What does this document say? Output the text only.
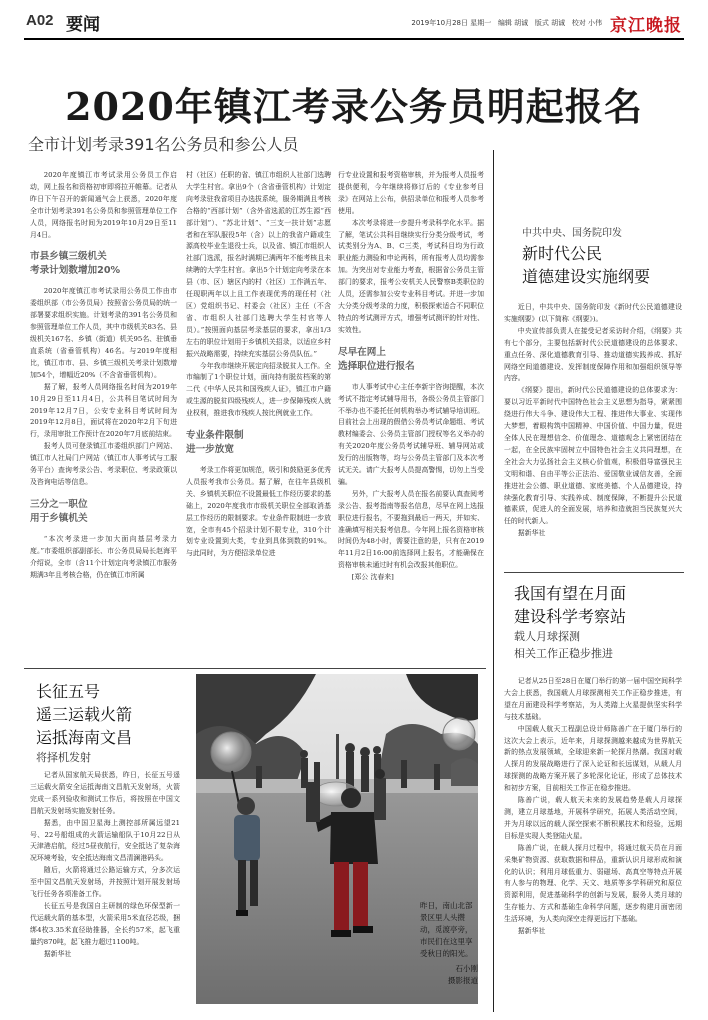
A02 要闻	2019年10月28日 星期一 编辑 胡诚 版式 胡诚 校对 小伟 京江晚报
2020年镇江考录公务员明起报名
全市计划考录391名公务员和参公人员

2020年度镇江市考试录用公务员工作启动，网上报名和资格初审即将拉开帷幕。记者从昨日下午召开的新闻通气会上获悉，2020年度全市计划考录391名公务员和参照管理单位工作人员，网络报名时间为2019年10月29日至11月4日。

市县乡镇三级机关
考录计划数增加20%

2020年度镇江市考试录用公务员工作由市委组织部（市公务员局）按照省公务员局的统一部署要求组织实施。计划考录的391名公务员和参照管理单位工作人员，其中市级机关83名、县级机关167名、乡镇（街道）机关95名、驻镇垂直系统（省垂管机构）46名。与2019年度相比，镇江市市、县、乡镇三级机关考录计划数增加54个，增幅近20%（不含省垂管机构）。

据了解，报考人员网络报名时间为2019年10月29日至11月4日，公共科目笔试时间为2019年12月7日，公安专业科目考试时间为2019年12月8日，面试将在2020年2月下旬进行，录用审批工作预计在2020年7月底前结束。

报考人员可登录镇江市委组织部门户网站、镇江市人社局门户网站（镇江市人事考试与工服务平台）查询考录公告、考录职位、考录政策以及咨询电话等信息。

三分之一职位
用于乡镇机关

“本次考录进一步加大面向基层考录力度。”市委组织部副部长、市公务员局局长赵海平介绍说，全市（含11个计划定向考录镇江市服务期满3年且考核合格，仍在镇江市所属

村（社区）任职的省、镇江市组织人社部门选聘大学生村官。拿出9个（含省垂管机构）计划定向考录驻我省项目办选拔系统，服务期满且考核合格的“西部计划”（含外省选派的江苏生源“西部计划”）、“苏北计划”、“三支一扶计划”志愿者和在军队服役5年（含）以上的我省户籍或生源高校毕业生退役士兵，以及省、镇江市组织人社部门选派，报名时满期已满两年不能考核且未续聘的大学生村官。拿出5个计划定向考录在本县（市、区）辖区内的村（社区）工作满五年、任现职两年以上且工作表现优秀的现任村（社区）党组织书记、村委会（社区）主任（不含省、市组织人社部门选聘大学生村官等人员）。”按照面向基层考录基层的要求，拿出1/3左右的职位计划用于乡镇机关招录，以适应乡村振兴战略需要，持续充实基层公务员队伍。”

今年我市继续开展定向招录脱贫人工作。全市编制了1个职位计划，面向持有脱贫档案的第二代《中华人民共和国残疾人证》，镇江市户籍或生源的脱贫四级残疾人，进一步保障残疾人就业权利，推进我市残疾人按比例就业工作。

专业条件限制
进一步放宽

考录工作将更加规范，吸引和鼓励更多优秀人员报考我市公务员。据了解，在往年县级机关、乡镇机关职位不设置最低工作经历要求的基础上，2020年度我市市级机关职位全部取消基层工作经历的限制要求。专业条件限制进一步放宽，全市有45个招录计划不限专业，310个计划专业设置到大类，专业到具体到数的91%。与此同时，为方便招录单位进

行专业设置和报考资格审核，并为报考人员报考提供便利，今年继续将修订后的《专业参考目录》在网站上公布，供招录单位和报考人员参考使用。

本次考录将进一步提升考录科学化水平。据了解，笔试公共科目继续实行分类分级考试，考试类别分为A、B、C三类，考试科目均为行政职业能力测验和申论两科，所有报考人员均需参加。为突出对专业能力考查，根据省公务员主管部门的要求，报考公安机关人民警察B类职位的人员，还需参加公安专业科目考试。并进一步加大分类分级考录的力度，积极探索适合不同职位特点的考试测评方式，增强考试测评的针对性、实效性。

尽早在网上
选择职位进行报名

市人事考试中心主任李新宇咨询提醒，本次考试不指定考试辅导用书，各级公务员主管部门不举办也不委托任何机构举办考试辅导培训班。目前社会上出现的假借公务员考试命题组、考试教材编委会、公务员主管部门授权等名义举办的有关2020年度公务员考试辅导班、辅导网站或发行的出版物等，均与公务员主管部门及本次考试无关。请广大报考人员提高警惕，切勿上当受骗。

另外，广大报考人员在报名前要认真查阅考录公告、报考指南等报名信息，尽早在网上选报职位进行报名，不要拖到最后一两天，并如实、准确填写相关报考信息。今年网上报名资格审核时间仍为48小时，需要注意的是，只有在2019年11月2日16:00前选择网上报名，才能确保在资格审核未通过时有机会改报其他职位。

[郑公 沈春来]

中共中央、国务院印发
新时代公民
道德建设实施纲要

近日，中共中央、国务院印发《新时代公民道德建设实施纲要》(以下简称《纲要》)。

中央宣传部负责人在接受记者采访时介绍，《纲要》共有七个部分，主要包括新时代公民道德建设的总体要求、重点任务、深化道德教育引导、推动道德实践养成、抓好网络空间道德建设、发挥制度保障作用和加强组织领导等内容。

《纲要》提出，新时代公民道德建设的总体要求为：要以习近平新时代中国特色社会主义思想为指导，紧紧围绕进行伟大斗争、建设伟大工程、推进伟大事业、实现伟大梦想，着眼构筑中国精神、中国价值、中国力量，促进全体人民在理想信念、价值理念、道德观念上紧密团结在一起，在全民族牢固树立中国特色社会主义共同理想，在全社会大力弘扬社会主义核心价值观，积极倡导富强民主文明和谐、自由平等公正法治、爱国敬业诚信友善，全面推进社会公德、职业道德、家庭美德、个人品德建设，持续强化教育引导、实践养成、制度保障，不断提升公民道德素质，促进人的全面发展，培养和造就担当民族复兴大任的时代新人。

据新华社

我国有望在月面
建设科学考察站
载人月球探测
相关工作正稳步推进

记者从25日至28日在厦门举行的第一届中国空间科学大会上获悉，我国载人月球探测相关工作正稳步推进，有望在月面建设科学考察站，为人类踏上火星提供坚实科学与技术基础。

中国载人航天工程副总设计师陈善广在于厦门举行的这次大会上表示，近年来，月球探测越来越成为世界航天新的热点发展领域，全球迎来新一轮探月热潮。我国对载人探月的发展战略进行了深入论证和长远谋划，从载人月球探测的战略方案开展了多轮深化论证，形成了总体技术和初步方案，目前相关工作正在稳步推进。

陈善广说，载人航天未来的发展趋势是载人月球探测，建立月球基地，开展科学研究，拓展人类活动空间，并为月球以远的载人深空探索不断积累技术和经验，远期目标是实现人类登陆火星。

陈善广说，在载人探月过程中，将通过航天员在月面采集矿物资源、获取数据和样品，重新认识月球形成和演化的认识；利用月球低重力、弱磁场、高真空等特点开展有人参与的物理、化学、天文、地质等多学科研究和原位资源利用，促进基础科学的创新与发展，服务人类月球的生存能力、方式和基础生命科学问题，逐步构建月面密闭生活环境，为人类向深空走得更远打下基础。

据新华社

长征五号
遥三运载火箭
运抵海南文昌
将择机发射

记者从国家航天局获悉，昨日，长征五号遥三运载火箭安全运抵海南文昌航天发射场，火箭完成一系列验收和测试工作后，将按照在中国文昌航天发射场实施发射任务。

据悉，由中国卫星海上测控部所属远望21号、22号船组成的火箭运输船队于10月22日从天津港启航，经过5昼夜航行，安全抵达了复杂海况环境考验，安全抵达海南文昌清澜港码头。

随后，火箭将通过公路运输方式，分多次运至中国文昌航天发射场，并按照计划开展发射场飞行任务各项准备工作。

长征五号是我国自主研制的绿色环保型新一代运载火箭的基本型，火箭采用5米直径芯级，捆绑4枚3.35米直径助推器，全长约57米，起飞重量约870吨，起飞推力超过1100吨。

据新华社

昨日，南山北部景区里人头攒动，觅渡亭旁，市民们在这里享受秋日的阳光。
石小刚
摄影报道
